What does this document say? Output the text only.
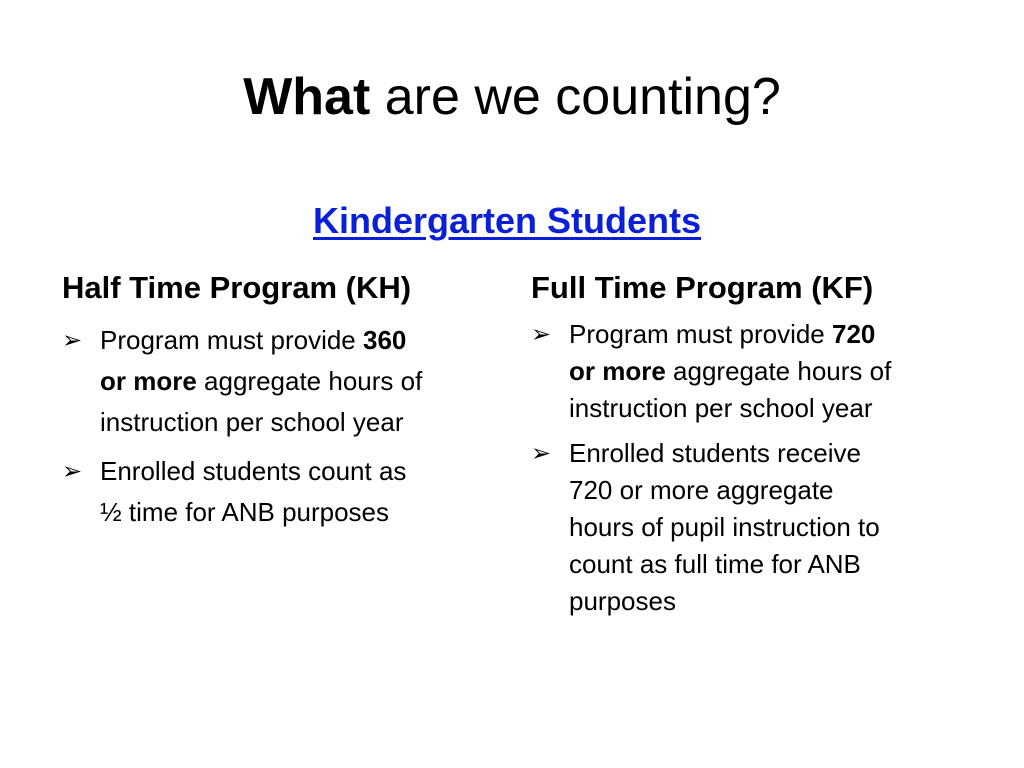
What are we counting?
Kindergarten Students
Half Time Program (KH)
➢ Program must provide 360
or more aggregate hours of
instruction per school year
➢ Enrolled students count as
½ time for ANB purposes
Full Time Program (KF)
➢ Program must provide 720
or more aggregate hours of
instruction per school year
➢ Enrolled students receive
720 or more aggregate
hours of pupil instruction to
count as full time for ANB
purposes
